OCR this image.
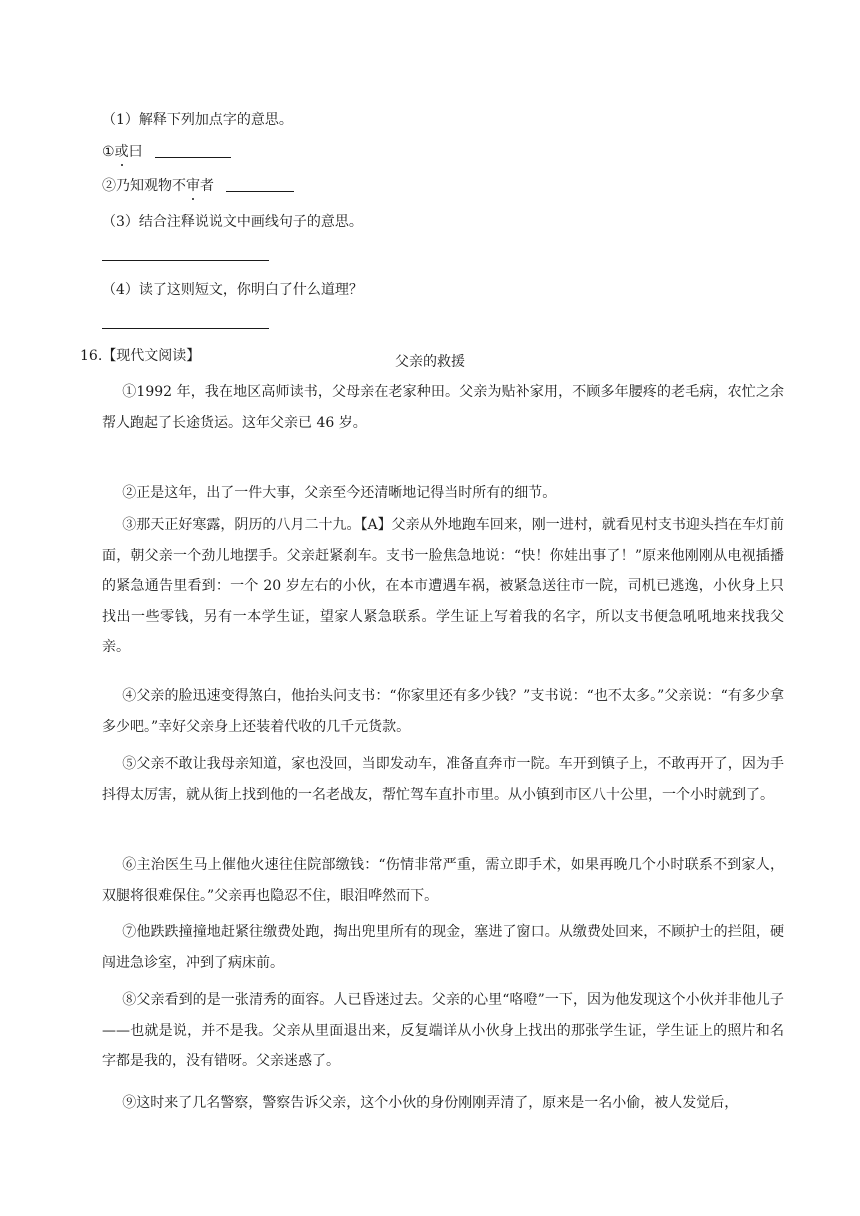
（1）解释下列加点字的意思。
①或曰
②乃知观物不审者
（3）结合注释说说文中画线句子的意思。
（4）读了这则短文，你明白了什么道理？
16.【现代文阅读】	父亲的救援
①1992 年，我在地区高师读书，父母亲在老家种田。父亲为贴补家用，不顾多年腰疼的老毛病，农忙之余帮人跑起了长途货运。这年父亲已 46 岁。
②正是这年，出了一件大事，父亲至今还清晰地记得当时所有的细节。
③那天正好寒露，阴历的八月二十九。【A】父亲从外地跑车回来，刚一进村，就看见村支书迎头挡在车灯前面，朝父亲一个劲儿地摆手。父亲赶紧刹车。支书一脸焦急地说：“快！你娃出事了！”原来他刚刚从电视插播的紧急通告里看到：一个 20 岁左右的小伙，在本市遭遇车祸，被紧急送往市一院，司机已逃逸，小伙身上只找出一些零钱，另有一本学生证，望家人紧急联系。学生证上写着我的名字，所以支书便急吼吼地来找我父亲。
④父亲的脸迅速变得煞白，他抬头问支书：“你家里还有多少钱？”支书说：“也不太多。”父亲说：“有多少拿多少吧。”幸好父亲身上还装着代收的几千元货款。
⑤父亲不敢让我母亲知道，家也没回，当即发动车，准备直奔市一院。车开到镇子上，不敢再开了，因为手抖得太厉害，就从街上找到他的一名老战友，帮忙驾车直扑市里。从小镇到市区八十公里，一个小时就到了。
⑥主治医生马上催他火速往住院部缴钱：“伤情非常严重，需立即手术，如果再晚几个小时联系不到家人，双腿将很难保住。”父亲再也隐忍不住，眼泪哗然而下。
⑦他跌跌撞撞地赶紧往缴费处跑，掏出兜里所有的现金，塞进了窗口。从缴费处回来，不顾护士的拦阻，硬闯进急诊室，冲到了病床前。
⑧父亲看到的是一张清秀的面容。人已昏迷过去。父亲的心里“咯噔”一下，因为他发现这个小伙并非他儿子——也就是说，并不是我。父亲从里面退出来，反复端详从小伙身上找出的那张学生证，学生证上的照片和名字都是我的，没有错呀。父亲迷惑了。
⑨这时来了几名警察，警察告诉父亲，这个小伙的身份刚刚弄清了，原来是一名小偷，被人发觉后，
